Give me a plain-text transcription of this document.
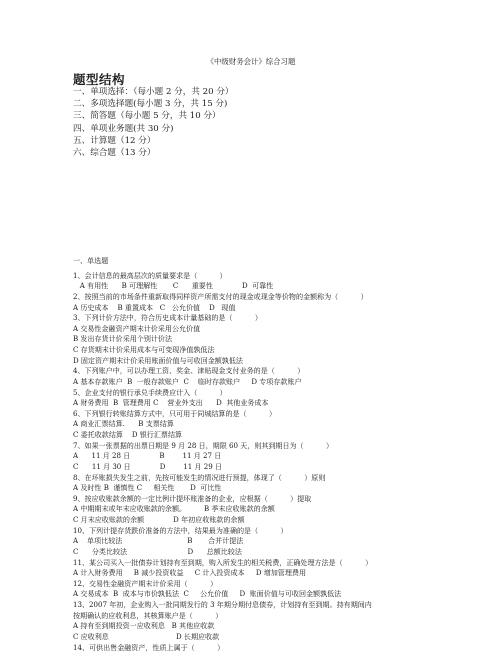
《中级财务会计》综合习题
题型结构
一、单项选择：（每小题 2 分，共 20 分）
二、多项选择题(每小题 3 分，共 15 分)
三、简答题（每小题 5 分，共 10 分）
四、单项业务题(共 30 分)
五、计算题（12 分）
六、综合题（13 分）
一、单选题
1、会计信息的最高层次的质量要求是（          ）
A 有用性      B 可理解性       C      重要性             D  可靠性
2、按照当前的市场条件重新取得同样资产所需支付的现金或现金等价物的金额称为（          ）
A 历史成本    B 重置成本   C   公允价值    D   现值
3、下列计价方法中，符合历史成本计量基础的是（          ）
A 交易性金融资产期末计价采用公允价值
B 发出存货计价采用个别计价法
C 存货期末计价采用成本与可变现净值孰低法
D 固定资产期末计价采用账面价值与可收回金额孰低法
4、下列账户中，可以办理工资、奖金、津贴现金支付业务的是（          ）
A 基本存款账户  B  一般存款账户  C    临时存款账户     D 专项存款账户
5、企业支付的银行承兑手续费应计入（          ）
A 财务费用  B  管理费用 C    营业外支出      D  其他业务成本
6、下列银行转账结算方式中，只可用于同城结算的是（          ）
A 商业汇票结算.      B 支票结算
C 委托收款结算    D 银行汇票结算
7、如果一张票据的出票日期是 9 月 28 日，期限 60 天，则其到期日为（          ）
A      11 月 28 日             B        11 月 27 日
C      11 月 30 日             D        11 月 29 日
8、在坏账损失发生之前，先按可能发生的情况进行预提，体现了（          ）原则
A 及时性 B  谨慎性 C     相关性       D  可比性
9、按应收账款余额的一定比例计提坏账准备的企业，应根据（          ）提取
A 中期期末或年末应收账款的余额。        B 季末应收账款的余额
C 月末应收账款的余额             D 年初应收账款的余额
10、下列计提存货跌价准备的方法中，结果最为准确的是（          ）
A    单项比较法                             B       合并计提法
C      分类比较法                           D      总额比较法
11、某公司买入一批债券计划持有至到期，购入所发生的相关税费，正确处理方法是（          ）
A 计入财务费用     B 减少投资收益     C 计入投资成本     D 增加管理费用
12、交易性金融资产期末计价采用（          ）
A 交易成本  B  成本与市价孰低法  C     公允价值     D  账面价值与可收回金额孰低法
13、2007 年初，企业购入一批同期发行的 3 年期分期付息债券，计划持有至到期。持有期间内
按期确认的应收利息，其核算账户是（          ）
A 持有至到期投资一应收利息   B 其他应收款
C 应收利息                              D 长期应收款
14、可供出售金融资产，性质上属于（          ）
